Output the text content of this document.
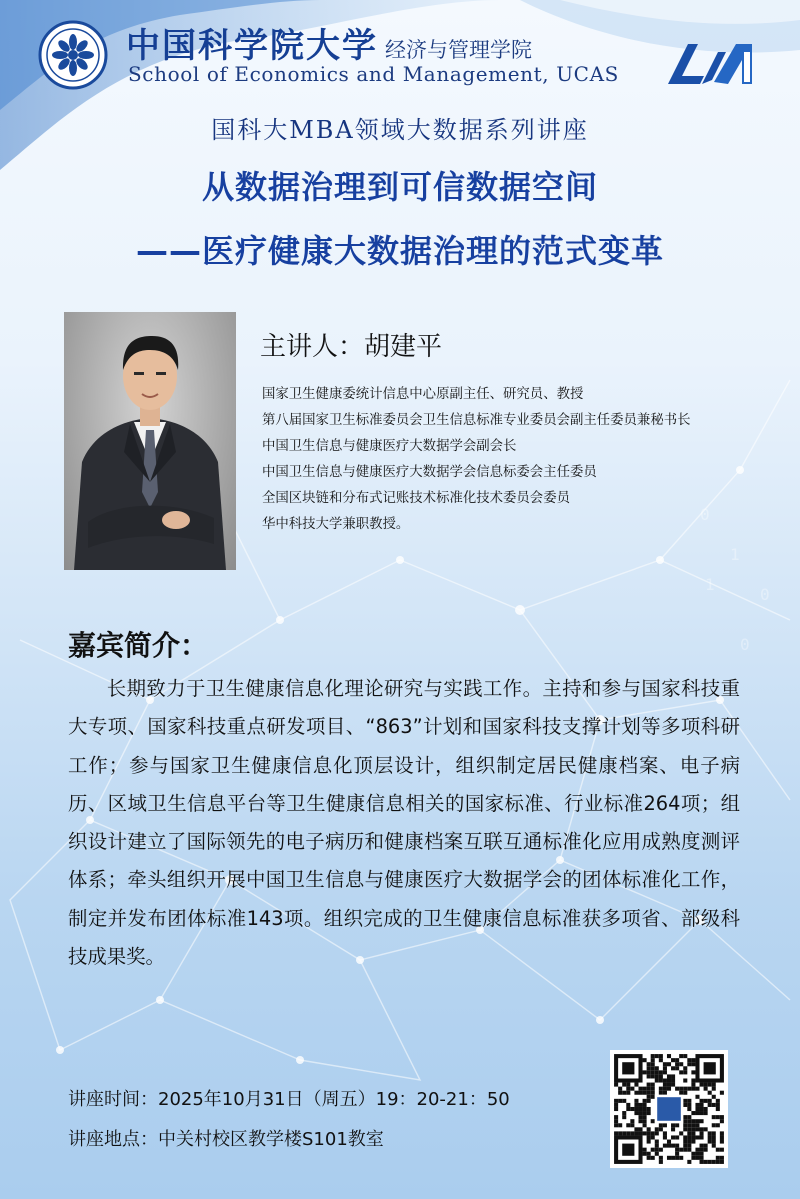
0
1
0
1
0
中国科学院大学 经济与管理学院
School of Economics and Management, UCAS
国科大MBA领域大数据系列讲座
从数据治理到可信数据空间
——医疗健康大数据治理的范式变革
主讲人：胡建平
国家卫生健康委统计信息中心原副主任、研究员、教授
第八届国家卫生标准委员会卫生信息标准专业委员会副主任委员兼秘书长
中国卫生信息与健康医疗大数据学会副会长
中国卫生信息与健康医疗大数据学会信息标委会主任委员
全国区块链和分布式记账技术标准化技术委员会委员
华中科技大学兼职教授。
嘉宾简介：
长期致力于卫生健康信息化理论研究与实践工作。主持和参与国家科技重大专项、国家科技重点研发项目、“863”计划和国家科技支撑计划等多项科研工作；参与国家卫生健康信息化顶层设计，组织制定居民健康档案、电子病历、区域卫生信息平台等卫生健康信息相关的国家标准、行业标准264项；组织设计建立了国际领先的电子病历和健康档案互联互通标准化应用成熟度测评体系；牵头组织开展中国卫生信息与健康医疗大数据学会的团体标准化工作，制定并发布团体标准143项。组织完成的卫生健康信息标准获多项省、部级科技成果奖。
讲座时间：2025年10月31日（周五）19：20-21：50
讲座地点：中关村校区教学楼S101教室
